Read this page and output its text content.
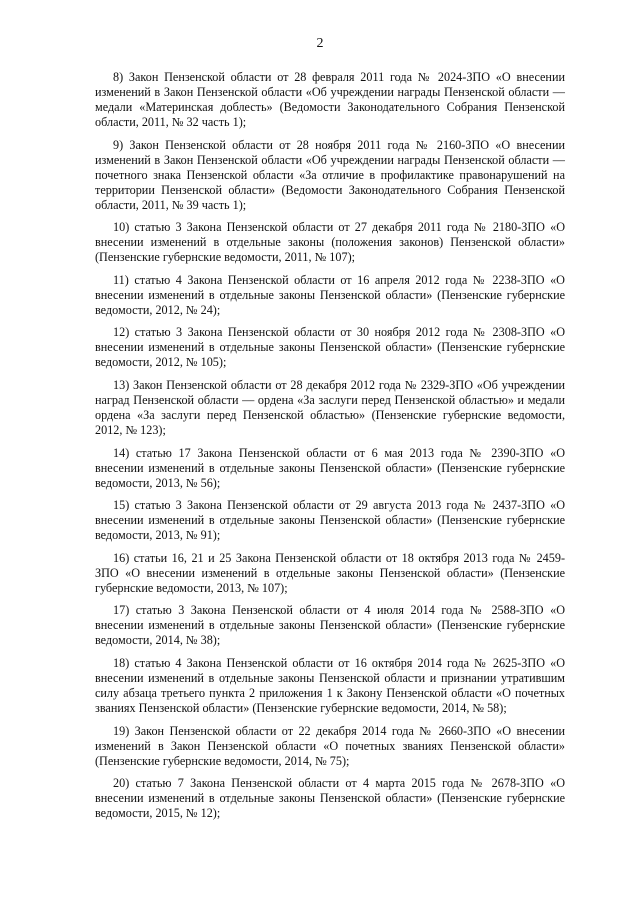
2

8) Закон Пензенской области от 28 февраля 2011 года № 2024-ЗПО «О внесении изменений в Закон Пензенской области «Об учреждении награды Пензенской области — медали «Материнская доблесть» (Ведомости Законодательного Собрания Пензенской области, 2011, № 32 часть 1);

9) Закон Пензенской области от 28 ноября 2011 года № 2160-ЗПО «О внесении изменений в Закон Пензенской области «Об учреждении награды Пензенской области — почетного знака Пензенской области «За отличие в профилактике правонарушений на территории Пензенской области» (Ведомости Законодательного Собрания Пензенской области, 2011, № 39 часть 1);

10) статью 3 Закона Пензенской области от 27 декабря 2011 года № 2180-ЗПО «О внесении изменений в отдельные законы (положения законов) Пензенской области» (Пензенские губернские ведомости, 2011, № 107);

11) статью 4 Закона Пензенской области от 16 апреля 2012 года № 2238-ЗПО «О внесении изменений в отдельные законы Пензенской области» (Пензенские губернские ведомости, 2012, № 24);

12) статью 3 Закона Пензенской области от 30 ноября 2012 года № 2308-ЗПО «О внесении изменений в отдельные законы Пензенской области» (Пензенские губернские ведомости, 2012, № 105);

13) Закон Пензенской области от 28 декабря 2012 года № 2329-ЗПО «Об учреждении наград Пензенской области — ордена «За заслуги перед Пензенской областью» и медали ордена «За заслуги перед Пензенской областью» (Пензенские губернские ведомости, 2012, № 123);

14) статью 17 Закона Пензенской области от 6 мая 2013 года № 2390-ЗПО «О внесении изменений в отдельные законы Пензенской области» (Пензенские губернские ведомости, 2013, № 56);

15) статью 3 Закона Пензенской области от 29 августа 2013 года № 2437-ЗПО «О внесении изменений в отдельные законы Пензенской области» (Пензенские губернские ведомости, 2013, № 91);

16) статьи 16, 21 и 25 Закона Пензенской области от 18 октября 2013 года № 2459-ЗПО «О внесении изменений в отдельные законы Пензенской области» (Пензенские губернские ведомости, 2013, № 107);

17) статью 3 Закона Пензенской области от 4 июля 2014 года № 2588-ЗПО «О внесении изменений в отдельные законы Пензенской области» (Пензенские губернские ведомости, 2014, № 38);

18) статью 4 Закона Пензенской области от 16 октября 2014 года № 2625-ЗПО «О внесении изменений в отдельные законы Пензенской области и признании утратившим силу абзаца третьего пункта 2 приложения 1 к Закону Пензенской области «О почетных званиях Пензенской области» (Пензенские губернские ведомости, 2014, № 58);

19) Закон Пензенской области от 22 декабря 2014 года № 2660-ЗПО «О внесении изменений в Закон Пензенской области «О почетных званиях Пензенской области» (Пензенские губернские ведомости, 2014, № 75);

20) статью 7 Закона Пензенской области от 4 марта 2015 года № 2678-ЗПО «О внесении изменений в отдельные законы Пензенской области» (Пензенские губернские ведомости, 2015, № 12);
